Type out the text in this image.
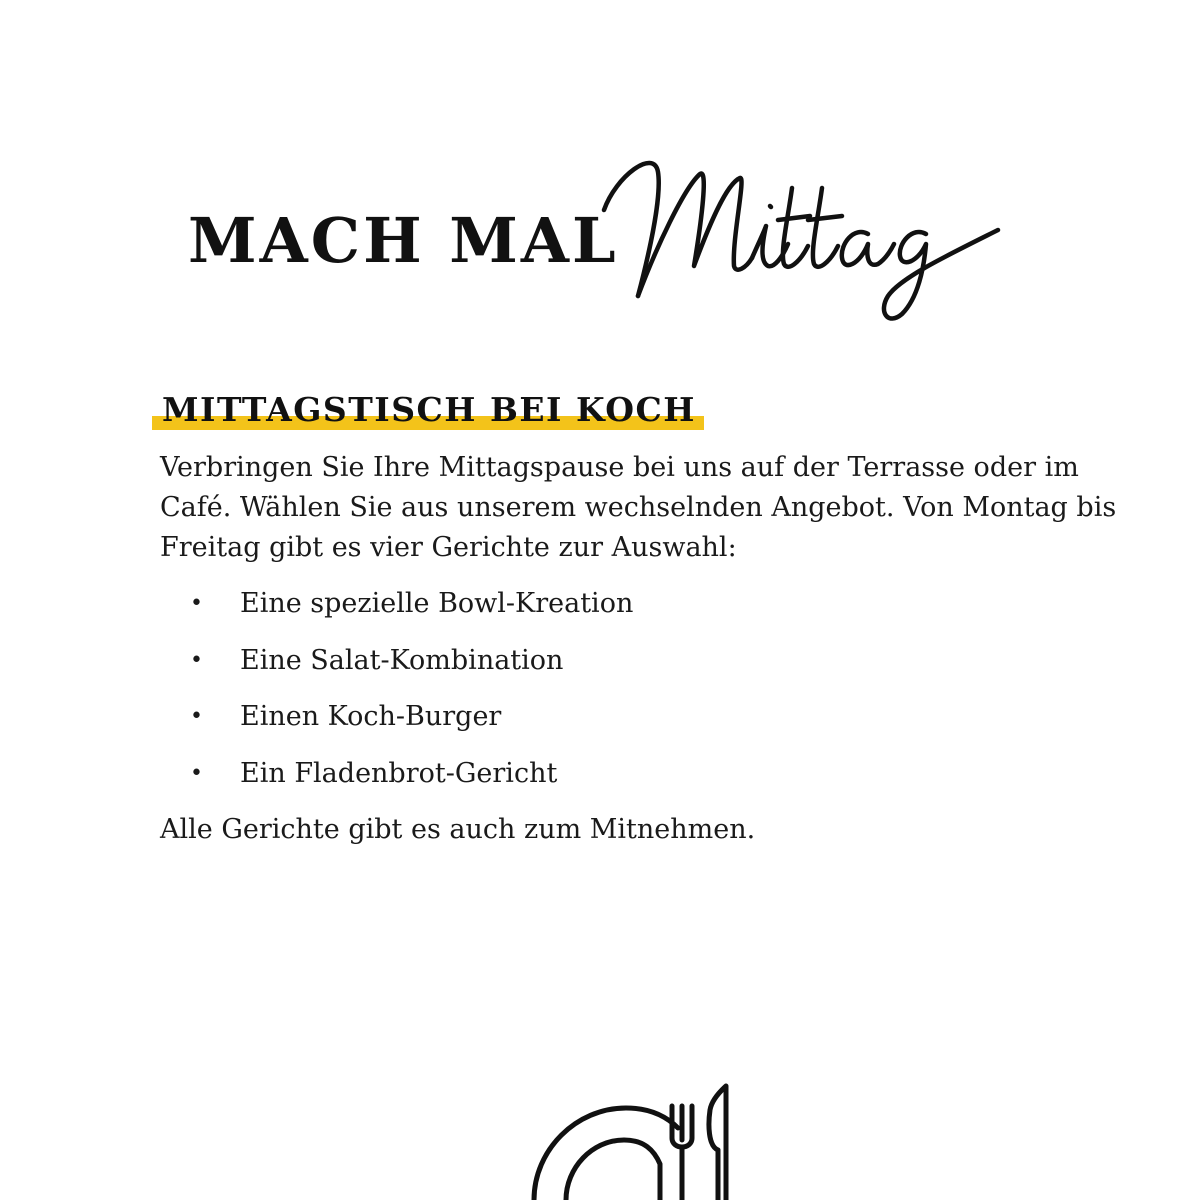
MACH MAL
MITTAGSTISCH BEI KOCH

Verbringen Sie Ihre Mittagspause bei uns auf der Terrasse oder im Café. Wählen Sie aus unserem wechselnden Angebot. Von Montag bis Freitag gibt es vier Gerichte zur Auswahl:

• Eine spezielle Bowl-Kreation
• Eine Salat-Kombination
• Einen Koch-Burger
• Ein Fladenbrot-Gericht

Alle Gerichte gibt es auch zum Mitnehmen.
